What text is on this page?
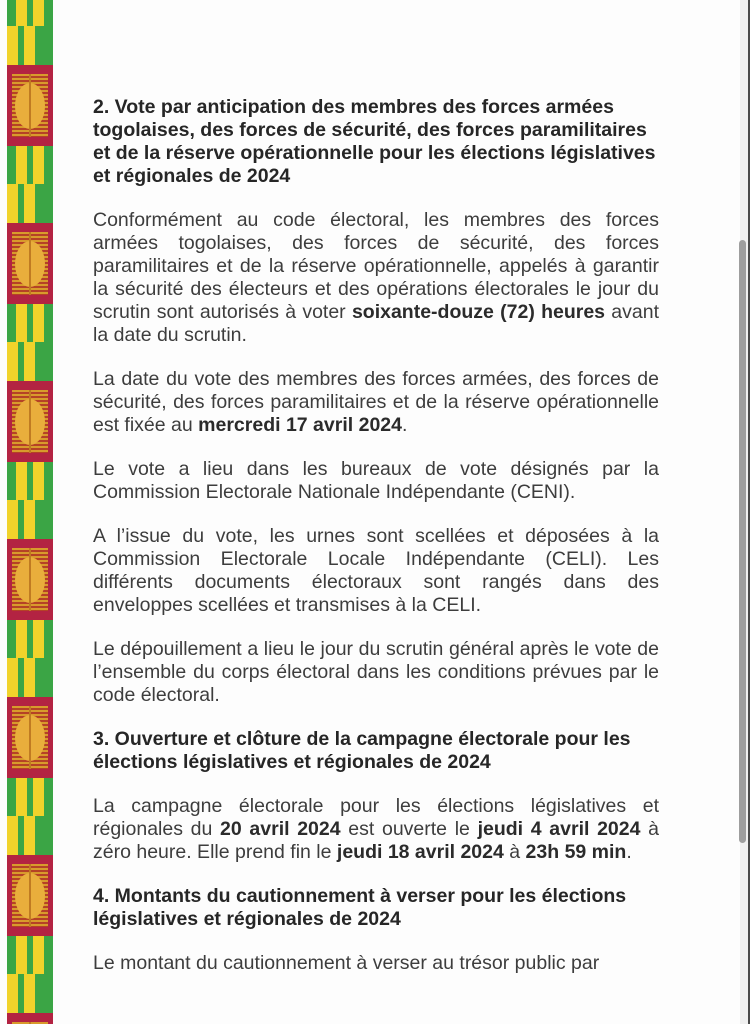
2. Vote par anticipation des membres des forces armées togolaises, des forces de sécurité, des forces paramilitaires et de la réserve opérationnelle pour les élections législatives et régionales de 2024

Conformément au code électoral, les membres des forces armées togolaises, des forces de sécurité, des forces paramilitaires et de la réserve opérationnelle, appelés à garantir la sécurité des électeurs et des opérations électorales le jour du scrutin sont autorisés à voter soixante-douze (72) heures avant la date du scrutin.

La date du vote des membres des forces armées, des forces de sécurité, des forces paramilitaires et de la réserve opérationnelle est fixée au mercredi 17 avril 2024.

Le vote a lieu dans les bureaux de vote désignés par la Commission Electorale Nationale Indépendante (CENI).

A l’issue du vote, les urnes sont scellées et déposées à la Commission Electorale Locale Indépendante (CELI). Les différents documents électoraux sont rangés dans des enveloppes scellées et transmises à la CELI.

Le dépouillement a lieu le jour du scrutin général après le vote de l’ensemble du corps électoral dans les conditions prévues par le code électoral.

3. Ouverture et clôture de la campagne électorale pour les élections législatives et régionales de 2024

La campagne électorale pour les élections législatives et régionales du 20 avril 2024 est ouverte le jeudi 4 avril 2024 à zéro heure. Elle prend fin le jeudi 18 avril 2024 à 23h 59 min.

4. Montants du cautionnement à verser pour les élections législatives et régionales de 2024

Le montant du cautionnement à verser au trésor public par
